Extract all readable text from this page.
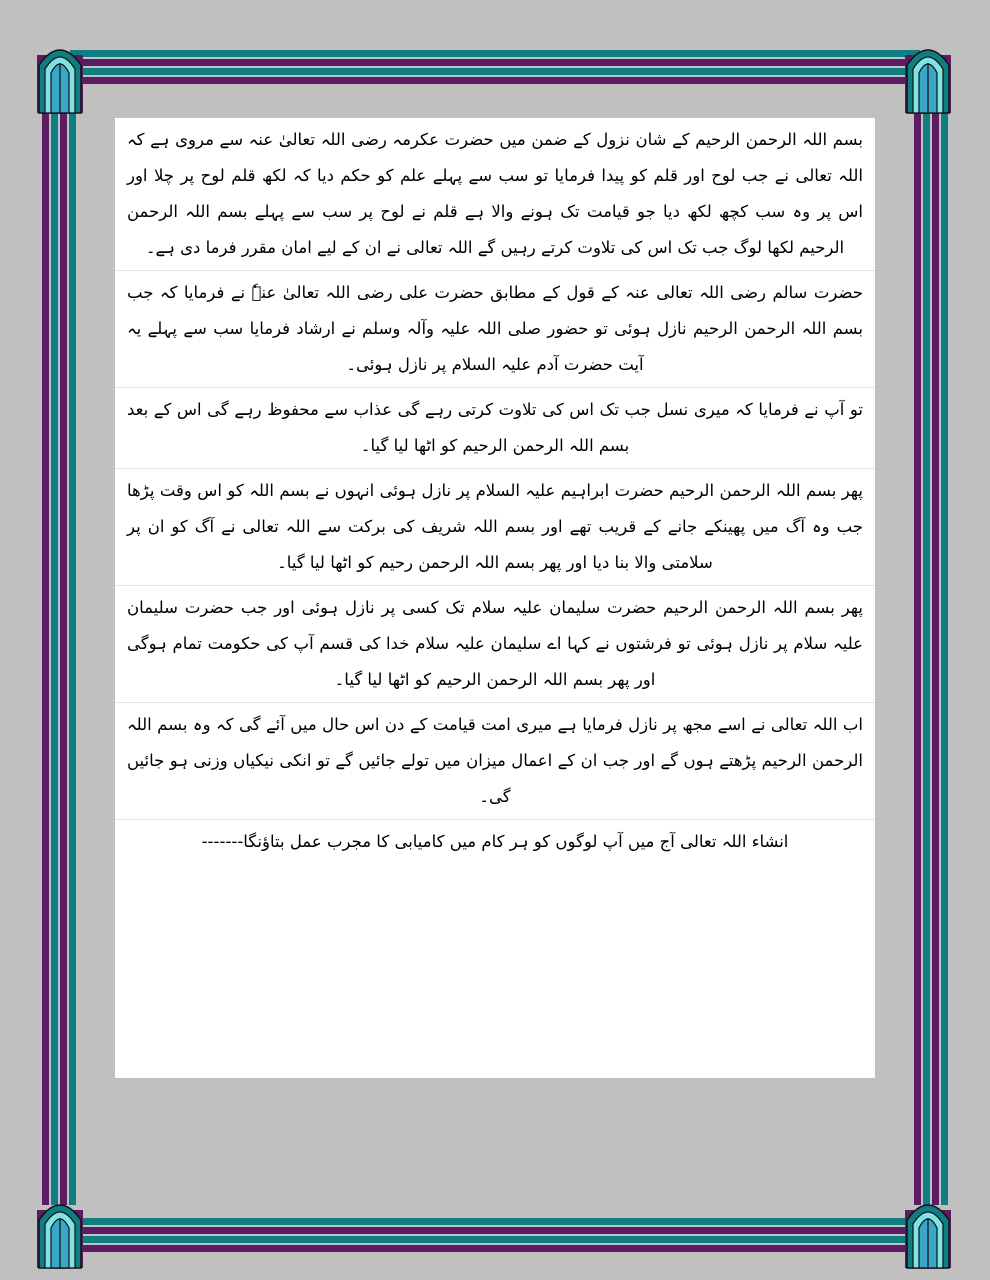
بسم اللہ الرحمن الرحیم کے شان نزول کے ضمن میں حضرت عکرمہ رضی اللہ تعالیٰ عنہ سے مروی ہے کہ اللہ تعالی نے جب لوح اور قلم کو پیدا فرمایا تو سب سے پہلے علم کو حکم دیا کہ لکھ قلم لوح پر چلا اور اس پر وہ سب کچھ لکھ دیا جو قیامت تک ہونے والا ہے قلم نے لوح پر سب سے پہلے بسم اللہ الرحمن الرحیم لکھا لوگ جب تک اس کی تلاوت کرتے رہیں گے اللہ تعالی نے ان کے لیے امان مقرر فرما دی ہے۔

حضرت سالم رضی اللہ تعالی عنہ کے قول کے مطابق حضرت علی رضی اللہ تعالیٰ عنہٗ نے فرمایا کہ جب بسم اللہ الرحمن الرحیم نازل ہوئی تو حضور صلی اللہ علیہ وآلہ وسلم نے ارشاد فرمایا سب سے پہلے یہ آیت حضرت آدم علیہ السلام پر نازل ہوئی۔

تو آپ نے فرمایا کہ میری نسل جب تک اس کی تلاوت کرتی رہے گی عذاب سے محفوظ رہے گی اس کے بعد بسم اللہ الرحمن الرحیم کو اٹھا لیا گیا۔

پھر بسم اللہ الرحمن الرحیم حضرت ابراہیم علیہ السلام پر نازل ہوئی انہوں نے بسم اللہ کو اس وقت پڑھا جب وہ آگ میں پھینکے جانے کے قریب تھے اور بسم اللہ شریف کی برکت سے اللہ تعالی نے آگ کو ان پر سلامتی والا بنا دیا اور پھر بسم اللہ الرحمن رحیم کو اٹھا لیا گیا۔

پھر بسم اللہ الرحمن الرحیم حضرت سلیمان علیہ سلام تک کسی پر نازل ہوئی اور جب حضرت سلیمان علیہ سلام پر نازل ہوئی تو فرشتوں نے کہا اے سلیمان علیہ سلام خدا کی قسم آپ کی حکومت تمام ہوگی اور پھر بسم اللہ الرحمن الرحیم کو اٹھا لیا گیا۔

اب اللہ تعالی نے اسے مجھ پر نازل فرمایا ہے میری امت قیامت کے دن اس حال میں آئے گی کہ وہ بسم اللہ الرحمن الرحیم پڑھتے ہوں گے اور جب ان کے اعمال میزان میں تولے جائیں گے تو انکی نیکیاں وزنی ہو جائیں گی۔

انشاء اللہ تعالی آج میں آپ لوگوں کو ہر کام میں کامیابی کا مجرب عمل بتاؤنگا-------
